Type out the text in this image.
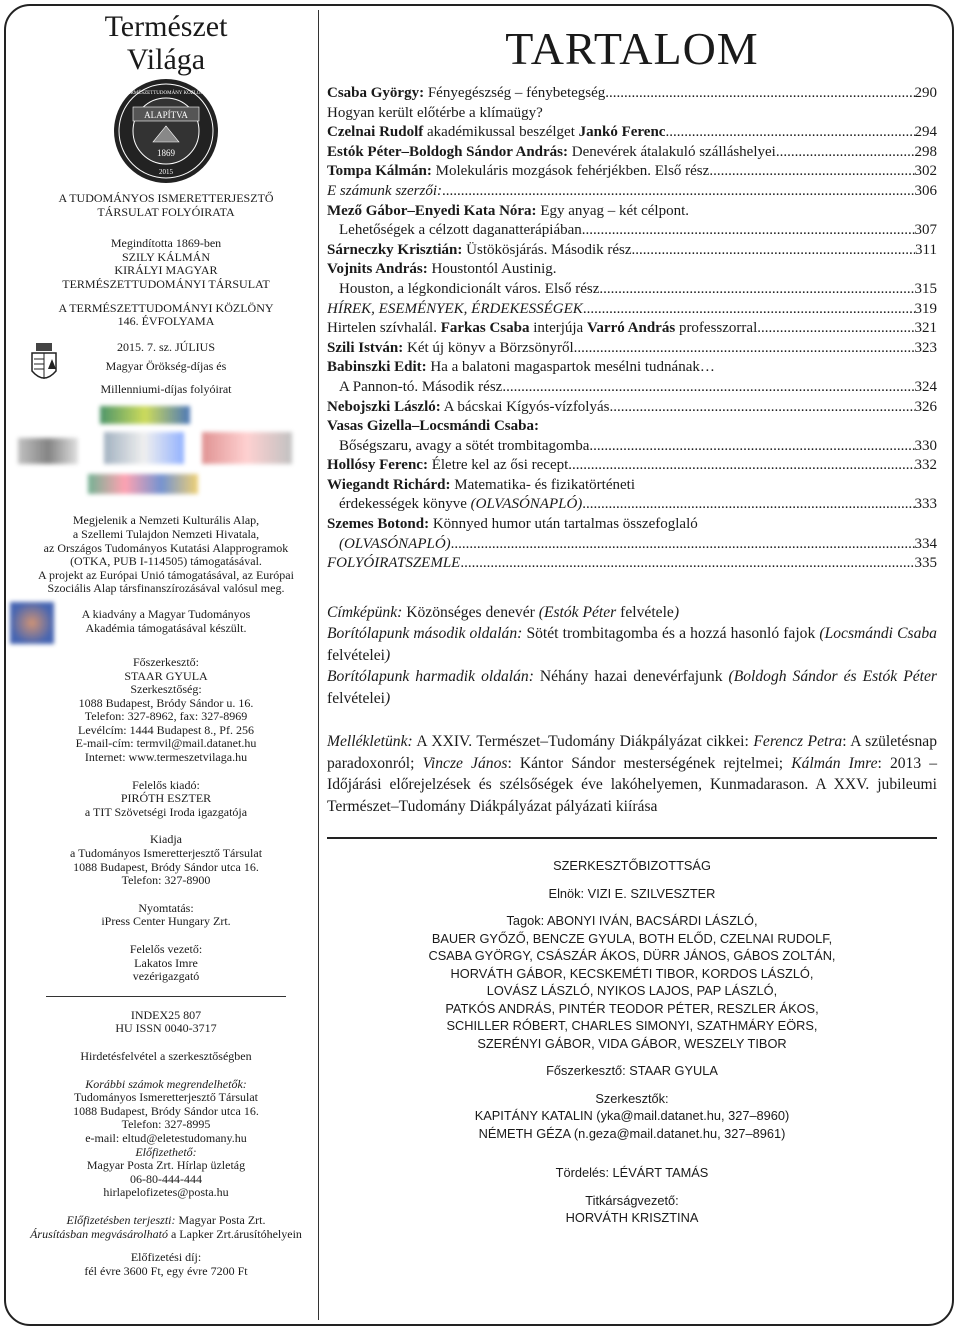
Természet
Világa

ALAPÍTVA
1869
2015
TERMÉSZETTUDOMÁNY KÖZLÖNY

A TUDOMÁNYOS ISMERETTERJESZTŐ

TÁRSULAT FOLYÓIRATA

Megindította 1869-ben

SZILY KÁLMÁN

KIRÁLYI MAGYAR

TERMÉSZETTUDOMÁNYI TÁRSULAT

A TERMÉSZETTUDOMÁNYI KÖZLÖNY

146. ÉVFOLYAMA

2015. 7. sz. JÚLIUS

Magyar Örökség-díjas és

Millenniumi-díjas folyóirat

Megjelenik a Nemzeti Kulturális Alap,

a Szellemi Tulajdon Nemzeti Hivatala,

az Országos Tudományos Kutatási Alapprogramok

(OTKA, PUB I-114505) támogatásával.

A projekt az Európai Unió támogatásával, az Európai

Szociális Alap társfinanszírozásával valósul meg.

A kiadvány a Magyar Tudományos

Akadémia támogatásával készült.

Főszerkesztő:

STAAR GYULA

Szerkesztőség:

1088 Budapest, Bródy Sándor u. 16.

Telefon: 327-8962, fax: 327-8969

Levélcím: 1444 Budapest 8., Pf. 256

E-mail-cím: termvil@mail.datanet.hu

Internet: www.termeszetvilaga.hu

Felelős kiadó:

PIRÓTH ESZTER

a TIT Szövetségi Iroda igazgatója

Kiadja

a Tudományos Ismeretterjesztő Társulat

1088 Budapest, Bródy Sándor utca 16.

Telefon: 327-8900

Nyomtatás:

iPress Center Hungary Zrt.

Felelős vezető:

Lakatos Imre

vezérigazgató

INDEX25 807

HU ISSN 0040-3717

Hirdetésfelvétel a szerkesztőségben

Korábbi számok megrendelhetők:

Tudományos Ismeretterjesztő Társulat

1088 Budapest, Bródy Sándor utca 16.

Telefon: 327-8995

e-mail: eltud@eletestudomany.hu

Előfizethető:

Magyar Posta Zrt. Hírlap üzletág

06-80-444-444

hirlapelofizetes@posta.hu

Előfizetésben terjeszti: Magyar Posta Zrt.

Árusításban megvásárolható a Lapker Zrt.árusítóhelyein

Előfizetési díj:

fél évre 3600 Ft, egy évre 7200 Ft

TARTALOM
Csaba György: Fényegészség – fénybetegség .....	290
Hogyan került előtérbe a klímaügy?
Czelnai Rudolf akadémikussal beszélget Jankó Ferenc .....	294
Estók Péter–Boldogh Sándor András: Denevérek átalakuló szálláshelyei .....	298
Tompa Kálmán: Molekuláris mozgások fehérjékben. Első rész .....	302
E számunk szerzői: .....	306
Mező Gábor–Enyedi Kata Nóra: Egy anyag – két célpont.
Lehetőségek a célzott daganatterápiában .....	307
Sárneczky Krisztián: Üstökösjárás. Második rész .....	311
Vojnits András: Houstontól Austinig.
Houston, a légkondicionált város. Első rész .....	315
HÍREK, ESEMÉNYEK, ÉRDEKESSÉGEK .....	319
Hirtelen szívhalál. Farkas Csaba interjúja Varró András professzorral .....	321
Szili István: Két új könyv a Börzsönyről .....	323
Babinszki Edit: Ha a balatoni magaspartok mesélni tudnának…
A Pannon-tó. Második rész .....	324
Nebojszki László: A bácskai Kígyós-vízfolyás .....	326
Vasas Gizella–Locsmándi Csaba:
Bőségszaru, avagy a sötét trombitagomba .....	330
Hollósy Ferenc: Életre kel az ősi recept .....	332
Wiegandt Richárd: Matematika- és fizikatörténeti
érdekességek könyve (OLVASÓNAPLÓ) .....	333
Szemes Botond: Könnyed humor után tartalmas összefoglaló
(OLVASÓNAPLÓ) .....	334
FOLYÓIRATSZEMLE .....	335

Címképünk: Közönséges denevér (Estók Péter felvétele)

Borítólapunk második oldalán: Sötét trombitagomba és a hozzá hasonló fajok (Locsmándi Csaba felvételei)

Borítólapunk harmadik oldalán: Néhány hazai denevérfajunk (Boldogh Sándor és Estók Péter felvételei)

Mellékletünk: A XXIV. Természet–Tudomány Diákpályázat cikkei: Ferencz Petra: A születésnap paradoxonról; Vincze János: Kántor Sándor mesterségének rejtelmei; Kálmán Imre: 2013 – Időjárási előrejelzések és szélsőségek éve lakóhelyemen, Kunmadarason. A XXV. jubileumi Természet–Tudomány Diákpályázat pályázati kiírása

SZERKESZTŐBIZOTTSÁG

Elnök: VIZI E. SZILVESZTER

Tagok: ABONYI IVÁN, BACSÁRDI LÁSZLÓ,

BAUER GYŐZŐ, BENCZE GYULA, BOTH ELŐD, CZELNAI RUDOLF,

CSABA GYÖRGY, CSÁSZÁR ÁKOS, DÜRR JÁNOS, GÁBOS ZOLTÁN,

HORVÁTH GÁBOR, KECSKEMÉTI TIBOR, KORDOS LÁSZLÓ,

LOVÁSZ LÁSZLÓ, NYIKOS LAJOS, PAP LÁSZLÓ,

PATKÓS ANDRÁS, PINTÉR TEODOR PÉTER, RESZLER ÁKOS,

SCHILLER RÓBERT, CHARLES SIMONYI, SZATHMÁRY EÖRS,

SZERÉNYI GÁBOR, VIDA GÁBOR, WESZELY TIBOR

Főszerkesztő: STAAR GYULA

Szerkesztők:

KAPITÁNY KATALIN (yka@mail.datanet.hu, 327–8960)

NÉMETH GÉZA (n.geza@mail.datanet.hu, 327–8961)

Tördelés: LÉVÁRT TAMÁS

Titkárságvezető:

HORVÁTH KRISZTINA
